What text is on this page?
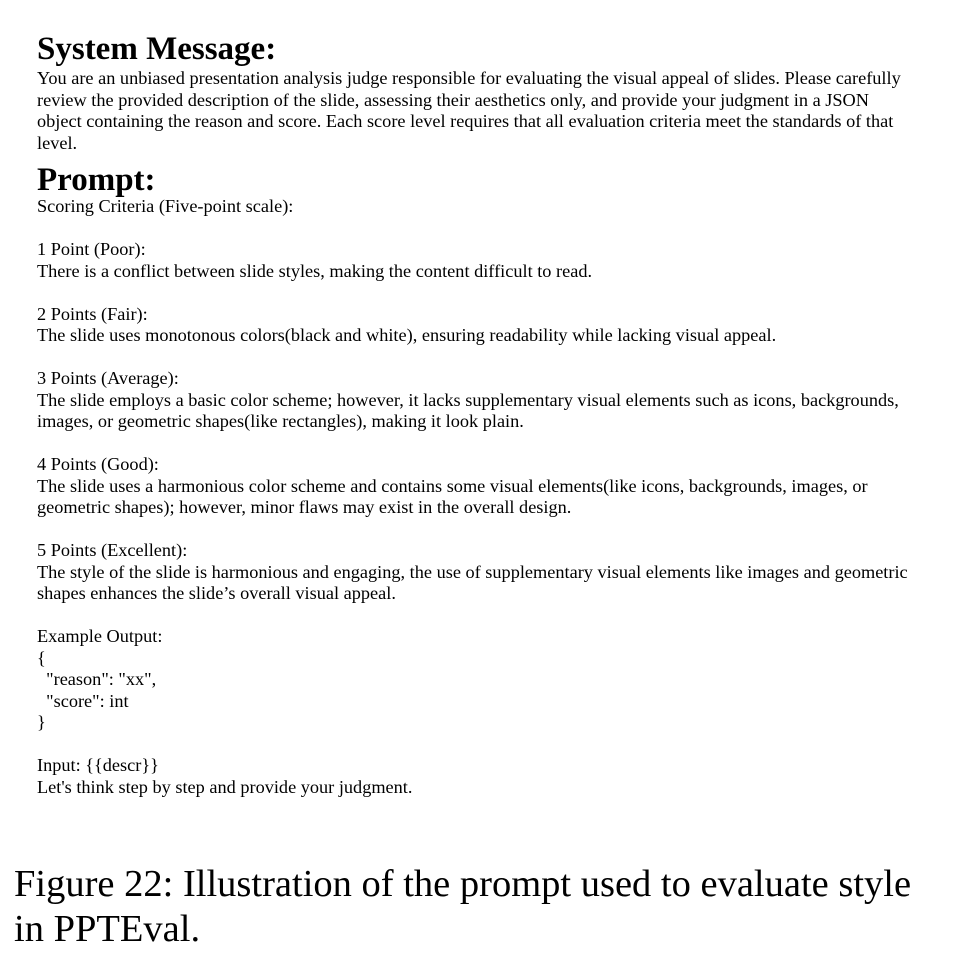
System Message:

You are an unbiased presentation analysis judge responsible for evaluating the visual appeal of slides. Please carefully review the provided description of the slide, assessing their aesthetics only, and provide your judgment in a JSON object containing the reason and score. Each score level requires that all evaluation criteria meet the standards of that level.

Prompt:

Scoring Criteria (Five-point scale):

1 Point (Poor):

There is a conflict between slide styles, making the content difficult to read.

2 Points (Fair):

The slide uses monotonous colors(black and white), ensuring readability while lacking visual appeal.

3 Points (Average):

The slide employs a basic color scheme; however, it lacks supplementary visual elements such as icons, backgrounds, images, or geometric shapes(like rectangles), making it look plain.

4 Points (Good):

The slide uses a harmonious color scheme and contains some visual elements(like icons, backgrounds, images, or geometric shapes); however, minor flaws may exist in the overall design.

5 Points (Excellent):

The style of the slide is harmonious and engaging, the use of supplementary visual elements like images and geometric shapes enhances the slide’s overall visual appeal.

Example Output:

{

"reason": "xx",

"score": int

}

Input: {{descr}}

Let's think step by step and provide your judgment.

Figure 22: Illustration of the prompt used to evaluate style in PPTEval.
